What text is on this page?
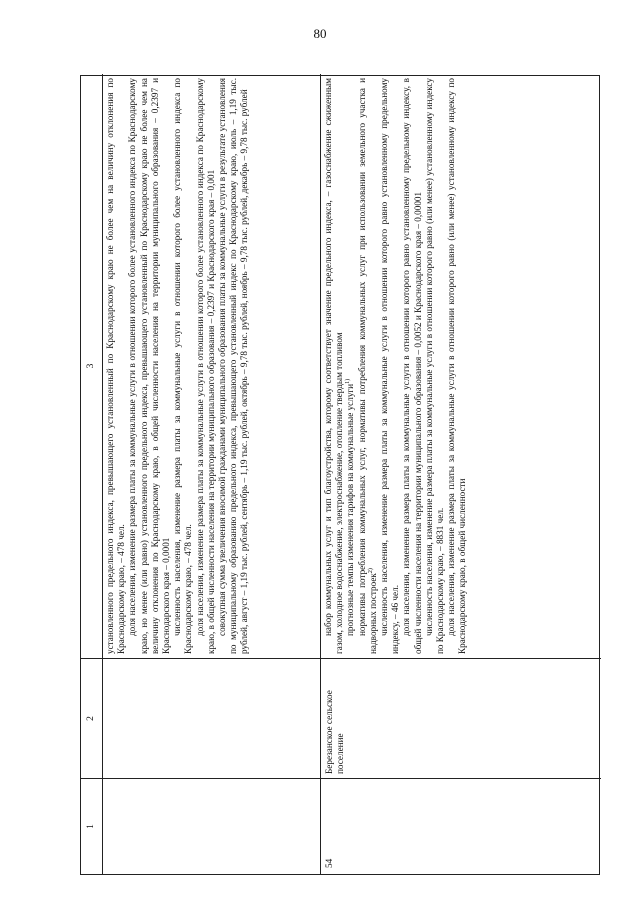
80
1
2
3 установленного предельного индекса, превышающего установленный по Краснодарскому краю не более чем на величину отклонения по Краснодарскому краю, – 478 чел. доля населения, изменение размера платы за коммунальные услуги в отношении которого более установленного индекса по Краснодарскому краю, но менее (или равно) установленного предельного индекса, превышающего установленный по Краснодарскому краю не более чем на величину отклонения по Краснодарскому краю, в общей численности населения на территории муниципального образования – 0,2397 и Краснодарского края – 0,0001 численность населения, изменение размера платы за коммунальные услуги в отношении которого более установленного индекса по Краснодарскому краю, – 478 чел. доля населения, изменение размера платы за коммунальные услуги в отношении которого более установленного индекса по Краснодарскому краю, в общей численности населения на территории муниципального образования – 0,2397 и Краснодарского края – 0,001 совокупная сумма увеличения вносимой гражданами муниципального образования платы за коммунальные услуги в результате установления по муниципальному образованию предельного индекса, превышающего установленный индекс по Краснодарскому краю, июль – 1,19 тыс. рублей, август – 1,19 тыс. рублей, сентябрь – 1,19 тыс. рублей, октябрь – 9,78 тыс. рублей, ноябрь – 9,78 тыс. рублей, декабрь – 9,78 тыс. рублей

54
Березанское сельское поселение

набор коммунальных услуг и тип благоустройства, которому соответствует значение предельного индекса, – газоснабжение сжиженным газом, холодное водоснабжение, электроснабжение, отопление твердым топливом прогнозные темпы изменения тарифов на коммунальные услуги$^{1)}$ нормативы потребления коммунальных услуг, нормативы потребления коммунальных услуг при использовании земельного участка и надворных построек$^{2)}$ численность населения, изменение размера платы за коммунальные услуги в отношении которого равно установленному предельному индексу, – 46 чел. доля населения, изменение размера платы за коммунальные услуги в отношении которого равно установленному предельному индексу, в общей численности населения на территории муниципального образования – 0,0052 и Краснодарского края – 0,00001 численность населения, изменение размера платы за коммунальные услуги в отношении которого равно (или менее) установленному индексу по Краснодарскому краю, – 8831 чел. доля населения, изменение размера платы за коммунальные услуги в отношении которого равно (или менее) установленному индексу по Краснодарскому краю, в общей численности
